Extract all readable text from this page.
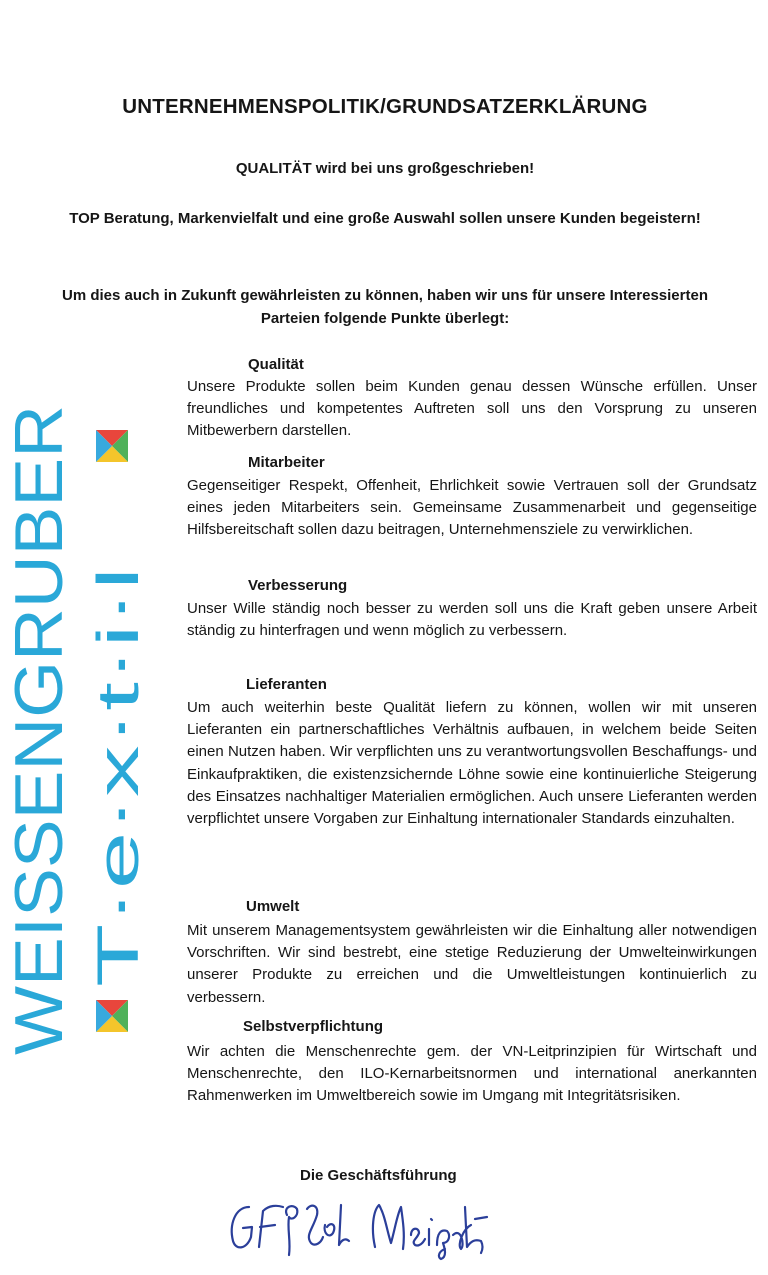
UNTERNEHMENSPOLITIK/GRUNDSATZERKLÄRUNG
QUALITÄT wird bei uns großgeschrieben!
TOP Beratung, Markenvielfalt und eine große Auswahl sollen unsere Kunden begeistern!
Um dies auch in Zukunft gewährleisten zu können, haben wir uns für unsere Interessierten Parteien folgende Punkte überlegt:
Qualität
Unsere Produkte sollen beim Kunden genau dessen Wünsche erfüllen. Unser freundliches und kompetentes Auftreten soll uns den Vorsprung zu unseren Mitbewerbern darstellen.
Mitarbeiter
Gegenseitiger Respekt, Offenheit, Ehrlichkeit sowie Vertrauen soll der Grundsatz eines jeden Mitarbeiters sein. Gemeinsame Zusammenarbeit und gegenseitige Hilfsbereitschaft sollen dazu beitragen, Unternehmensziele zu verwirklichen.
Verbesserung
Unser Wille ständig noch besser zu werden soll uns die Kraft geben unsere Arbeit ständig zu hinterfragen und wenn möglich zu verbessern.
Lieferanten
Um auch weiterhin beste Qualität liefern zu können, wollen wir mit unseren Lieferanten ein partnerschaftliches Verhältnis aufbauen, in welchem beide Seiten einen Nutzen haben. Wir verpflichten uns zu verantwortungsvollen Beschaffungs- und Einkaufpraktiken, die existenzsichernde Löhne sowie eine kontinuierliche Steigerung des Einsatzes nachhaltiger Materialien ermöglichen. Auch unsere Lieferanten werden verpflichtet unsere Vorgaben zur Einhaltung internationaler Standards einzuhalten.
Umwelt
Mit unserem Managementsystem gewährleisten wir die Einhaltung aller notwendigen Vorschriften. Wir sind bestrebt, eine stetige Reduzierung der Umwelteinwirkungen unserer Produkte zu erreichen und die Umweltleistungen kontinuierlich zu verbessern.
Selbstverpflichtung
Wir achten die Menschenrechte gem. der VN-Leitprinzipien für Wirtschaft und Menschenrechte, den ILO-Kernarbeitsnormen und international anerkannten Rahmenwerken im Umweltbereich sowie im Umgang mit Integritätsrisiken.
Die Geschäftsführung
WEISSENGRUBER T·e·x·t·i·l
